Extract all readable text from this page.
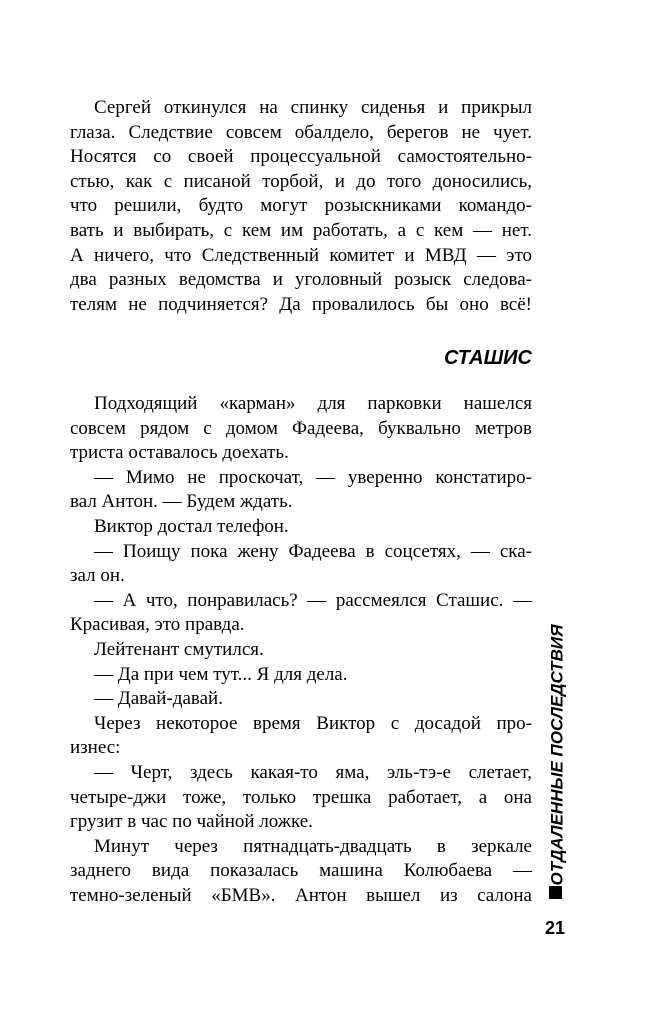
Сергей откинулся на спинку сиденья и прикрыл
глаза. Следствие совсем обалдело, берегов не чует.
Носятся со своей процессуальной самостоятельно-
стью, как с писаной торбой, и до того доносились,
что решили, будто могут розыскниками командо-
вать и выбирать, с кем им работать, а с кем — нет.
А ничего, что Следственный комитет и МВД — это
два разных ведомства и уголовный розыск следова-
телям не подчиняется? Да провалилось бы оно всё!
СТАШИС
Подходящий «карман» для парковки нашелся
совсем рядом с домом Фадеева, буквально метров
триста оставалось доехать.
— Мимо не проскочат, — уверенно констатиро-
вал Антон. — Будем ждать.
Виктор достал телефон.
— Поищу пока жену Фадеева в соцсетях, — ска-
зал он.
— А что, понравилась? — рассмеялся Сташис. —
Красивая, это правда.
Лейтенант смутился.
— Да при чем тут... Я для дела.
— Давай-давай.
Через некоторое время Виктор с досадой про-
изнес:
— Черт, здесь какая-то яма, эль-тэ-е слетает,
четыре-джи тоже, только трешка работает, а она
грузит в час по чайной ложке.
Минут через пятнадцать-двадцать в зеркале
заднего вида показалась машина Колюбаева —
темно-зеленый «БМВ». Антон вышел из салона
ОТДАЛЕННЫЕ ПОСЛЕДСТВИЯ
21
